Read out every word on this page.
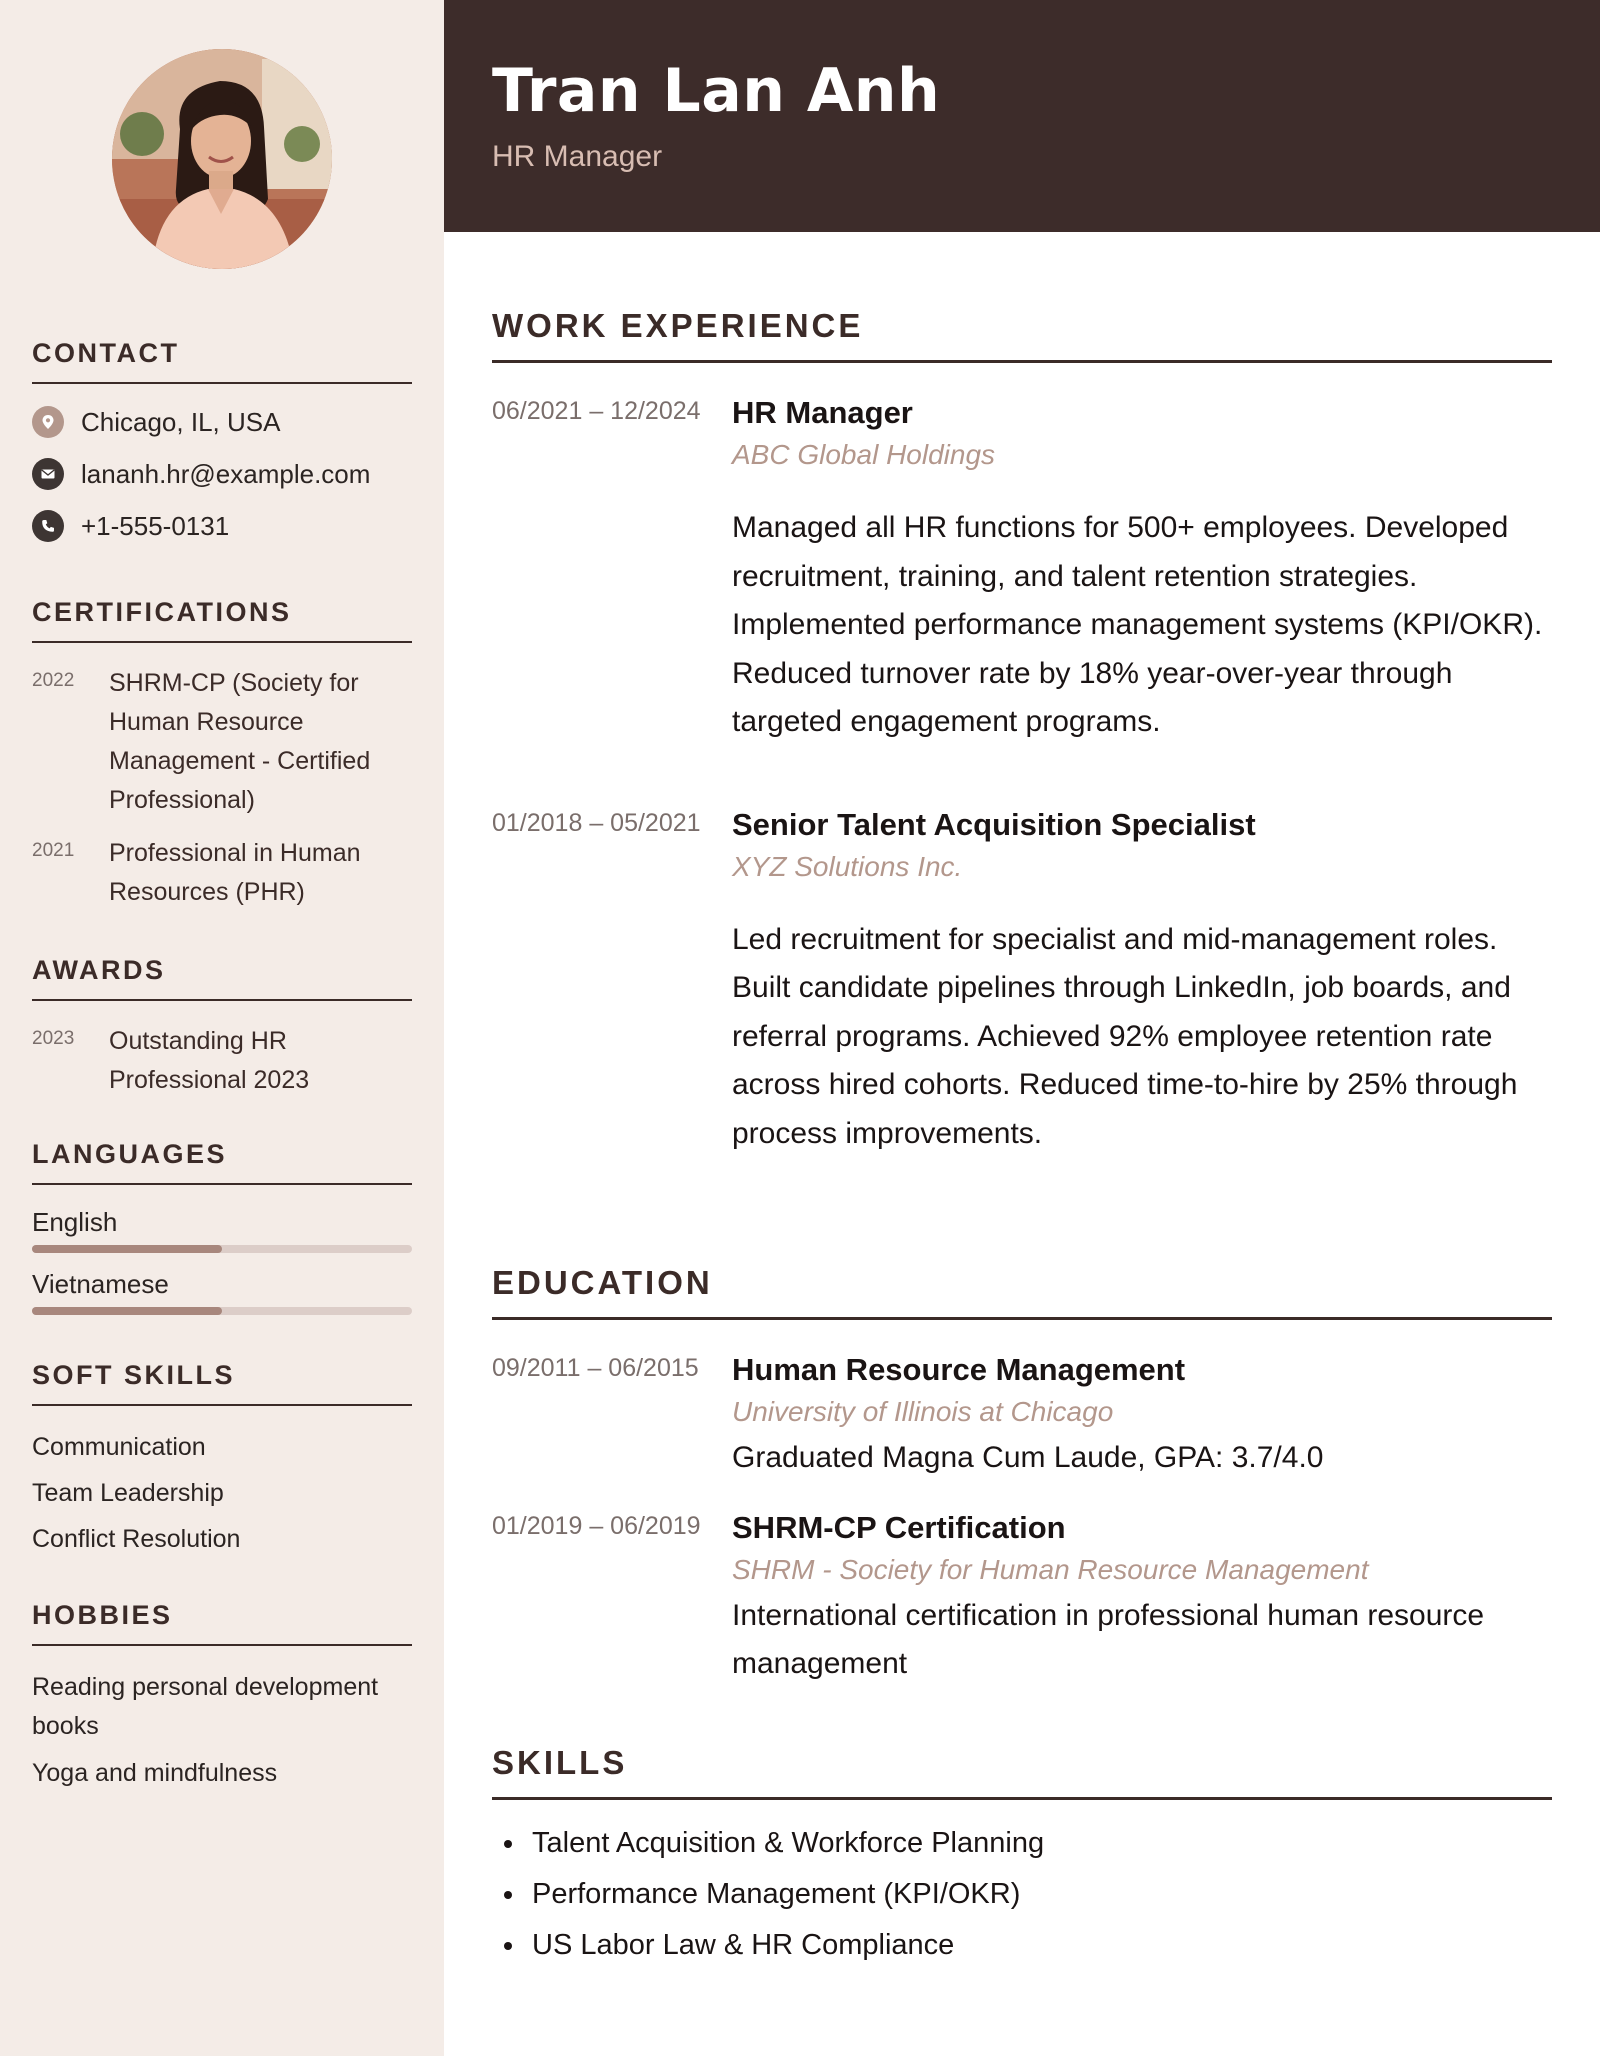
CONTACT
Chicago, IL, USA
lananh.hr@example.com
+1-555-0131
CERTIFICATIONS
2022	SHRM-CP (Society for Human Resource Management - Certified Professional)
2021	Professional in Human Resources (PHR)
AWARDS
2023	Outstanding HR Professional 2023
LANGUAGES
English
Vietnamese
SOFT SKILLS
Communication
Team Leadership
Conflict Resolution
HOBBIES
Reading personal development books
Yoga and mindfulness
Tran Lan Anh
HR Manager
WORK EXPERIENCE
06/2021 – 12/2024	HR Manager
ABC Global Holdings
Managed all HR functions for 500+ employees. Developed recruitment, training, and talent retention strategies. Implemented performance management systems (KPI/OKR). Reduced turnover rate by 18% year-over-year through targeted engagement programs.
01/2018 – 05/2021	Senior Talent Acquisition Specialist
XYZ Solutions Inc.
Led recruitment for specialist and mid-management roles. Built candidate pipelines through LinkedIn, job boards, and referral programs. Achieved 92% employee retention rate across hired cohorts. Reduced time-to-hire by 25% through process improvements.
EDUCATION
09/2011 – 06/2015	Human Resource Management
University of Illinois at Chicago
Graduated Magna Cum Laude, GPA: 3.7/4.0
01/2019 – 06/2019	SHRM-CP Certification
SHRM - Society for Human Resource Management
International certification in professional human resource management
SKILLS
Talent Acquisition & Workforce Planning
Performance Management (KPI/OKR)
US Labor Law & HR Compliance
